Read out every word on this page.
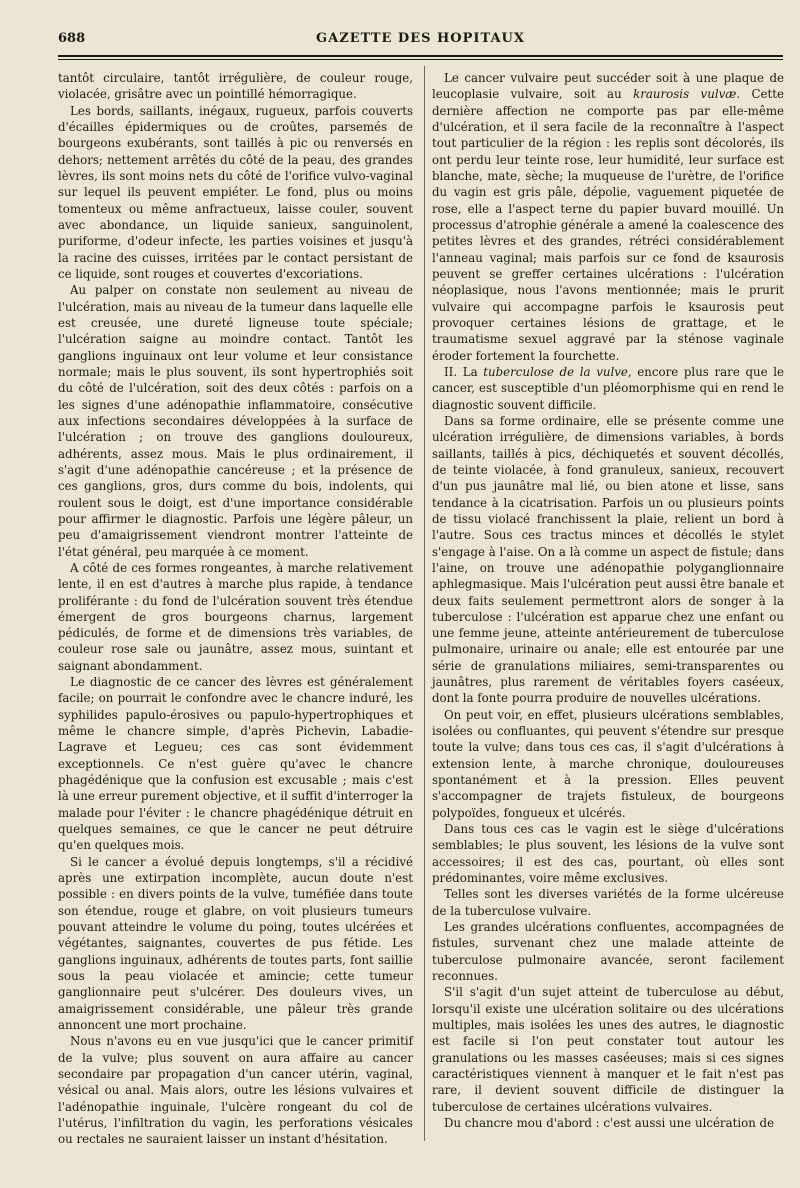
688	GAZETTE DES HOPITAUX

tantôt circulaire, tantôt irrégulière, de couleur rouge, violacée, grisâtre avec un pointillé hémorragique.

Les bords, saillants, inégaux, rugueux, parfois couverts d'écailles épidermiques ou de croûtes, parsemés de bourgeons exubérants, sont taillés à pic ou renversés en dehors; nettement arrêtés du côté de la peau, des grandes lèvres, ils sont moins nets du côté de l'orifice vulvo-vaginal sur lequel ils peuvent empiéter. Le fond, plus ou moins tomenteux ou même anfractueux, laisse couler, souvent avec abondance, un liquide sanieux, sanguinolent, puriforme, d'odeur infecte, les parties voisines et jusqu'à la racine des cuisses, irritées par le contact persistant de ce liquide, sont rouges et couvertes d'excoriations.

Au palper on constate non seulement au niveau de l'ulcération, mais au niveau de la tumeur dans laquelle elle est creusée, une dureté ligneuse toute spéciale; l'ulcération saigne au moindre contact. Tantôt les ganglions inguinaux ont leur volume et leur consistance normale; mais le plus souvent, ils sont hypertrophiés soit du côté de l'ulcération, soit des deux côtés : parfois on a les signes d'une adénopathie inflammatoire, consécutive aux infections secondaires développées à la surface de l'ulcération ; on trouve des ganglions douloureux, adhérents, assez mous. Mais le plus ordinairement, il s'agit d'une adénopathie cancéreuse ; et la présence de ces ganglions, gros, durs comme du bois, indolents, qui roulent sous le doigt, est d'une importance considérable pour affirmer le diagnostic. Parfois une légère pâleur, un peu d'amaigrissement viendront montrer l'atteinte de l'état général, peu marquée à ce moment.

A côté de ces formes rongeantes, à marche relativement lente, il en est d'autres à marche plus rapide, à tendance proliférante : du fond de l'ulcération souvent très étendue émergent de gros bourgeons charnus, largement pédiculés, de forme et de dimensions très variables, de couleur rose sale ou jaunâtre, assez mous, suintant et saignant abondamment.

Le diagnostic de ce cancer des lèvres est généralement facile; on pourrait le confondre avec le chancre induré, les syphilides papulo-érosives ou papulo-hypertrophiques et même le chancre simple, d'après Pichevin, Labadie-Lagrave et Legueu; ces cas sont évidemment exceptionnels. Ce n'est guère qu'avec le chancre phagédénique que la confusion est excusable ; mais c'est là une erreur purement objective, et il suffit d'interroger la malade pour l'éviter : le chancre phagédénique détruit en quelques semaines, ce que le cancer ne peut détruire qu'en quelques mois.

Si le cancer a évolué depuis longtemps, s'il a récidivé après une extirpation incomplète, aucun doute n'est possible : en divers points de la vulve, tuméfiée dans toute son étendue, rouge et glabre, on voit plusieurs tumeurs pouvant atteindre le volume du poing, toutes ulcérées et végétantes, saignantes, couvertes de pus fétide. Les ganglions inguinaux, adhérents de toutes parts, font saillie sous la peau violacée et amincie; cette tumeur ganglionnaire peut s'ulcérer. Des douleurs vives, un amaigrissement considérable, une pâleur très grande annoncent une mort prochaine.

Nous n'avons eu en vue jusqu'ici que le cancer primitif de la vulve; plus souvent on aura affaire au cancer secondaire par propagation d'un cancer utérin, vaginal, vésical ou anal. Mais alors, outre les lésions vulvaires et l'adénopathie inguinale, l'ulcère rongeant du col de l'utérus, l'infiltration du vagin, les perforations vésicales ou rectales ne sauraient laisser un instant d'hésitation.

Le cancer vulvaire peut succéder soit à une plaque de leucoplasie vulvaire, soit au kraurosis vulvæ. Cette dernière affection ne comporte pas par elle-même d'ulcération, et il sera facile de la reconnaître à l'aspect tout particulier de la région : les replis sont décolorés, ils ont perdu leur teinte rose, leur humidité, leur surface est blanche, mate, sèche; la muqueuse de l'urètre, de l'orifice du vagin est gris pâle, dépolie, vaguement piquetée de rose, elle a l'aspect terne du papier buvard mouillé. Un processus d'atrophie générale a amené la coalescence des petites lèvres et des grandes, rétréci considérablement l'anneau vaginal; mais parfois sur ce fond de ksaurosis peuvent se greffer certaines ulcérations : l'ulcération néoplasique, nous l'avons mentionnée; mais le prurit vulvaire qui accompagne parfois le ksaurosis peut provoquer certaines lésions de grattage, et le traumatisme sexuel aggravé par la sténose vaginale éroder fortement la fourchette.

II. La tuberculose de la vulve, encore plus rare que le cancer, est susceptible d'un pléomorphisme qui en rend le diagnostic souvent difficile.

Dans sa forme ordinaire, elle se présente comme une ulcération irrégulière, de dimensions variables, à bords saillants, taillés à pics, déchiquetés et souvent décollés, de teinte violacée, à fond granuleux, sanieux, recouvert d'un pus jaunâtre mal lié, ou bien atone et lisse, sans tendance à la cicatrisation. Parfois un ou plusieurs points de tissu violacé franchissent la plaie, relient un bord à l'autre. Sous ces tractus minces et décollés le stylet s'engage à l'aise. On a là comme un aspect de fistule; dans l'aine, on trouve une adénopathie polyganglionnaire aphlegmasique. Mais l'ulcération peut aussi être banale et deux faits seulement permettront alors de songer à la tuberculose : l'ulcération est apparue chez une enfant ou une femme jeune, atteinte antérieurement de tuberculose pulmonaire, urinaire ou anale; elle est entourée par une série de granulations miliaires, semi-transparentes ou jaunâtres, plus rarement de véritables foyers caséeux, dont la fonte pourra produire de nouvelles ulcérations.

On peut voir, en effet, plusieurs ulcérations semblables, isolées ou confluantes, qui peuvent s'étendre sur presque toute la vulve; dans tous ces cas, il s'agit d'ulcérations à extension lente, à marche chronique, douloureuses spontanément et à la pression. Elles peuvent s'accompagner de trajets fistuleux, de bourgeons polypoïdes, fongueux et ulcérés.

Dans tous ces cas le vagin est le siège d'ulcérations semblables; le plus souvent, les lésions de la vulve sont accessoires; il est des cas, pourtant, où elles sont prédominantes, voire même exclusives.

Telles sont les diverses variétés de la forme ulcéreuse de la tuberculose vulvaire.

Les grandes ulcérations confluentes, accompagnées de fistules, survenant chez une malade atteinte de tuberculose pulmonaire avancée, seront facilement reconnues.

S'il s'agit d'un sujet atteint de tuberculose au début, lorsqu'il existe une ulcération solitaire ou des ulcérations multiples, mais isolées les unes des autres, le diagnostic est facile si l'on peut constater tout autour les granulations ou les masses caséeuses; mais si ces signes caractéristiques viennent à manquer et le fait n'est pas rare, il devient souvent difficile de distinguer la tuberculose de certaines ulcérations vulvaires.

Du chancre mou d'abord : c'est aussi une ulcération de
